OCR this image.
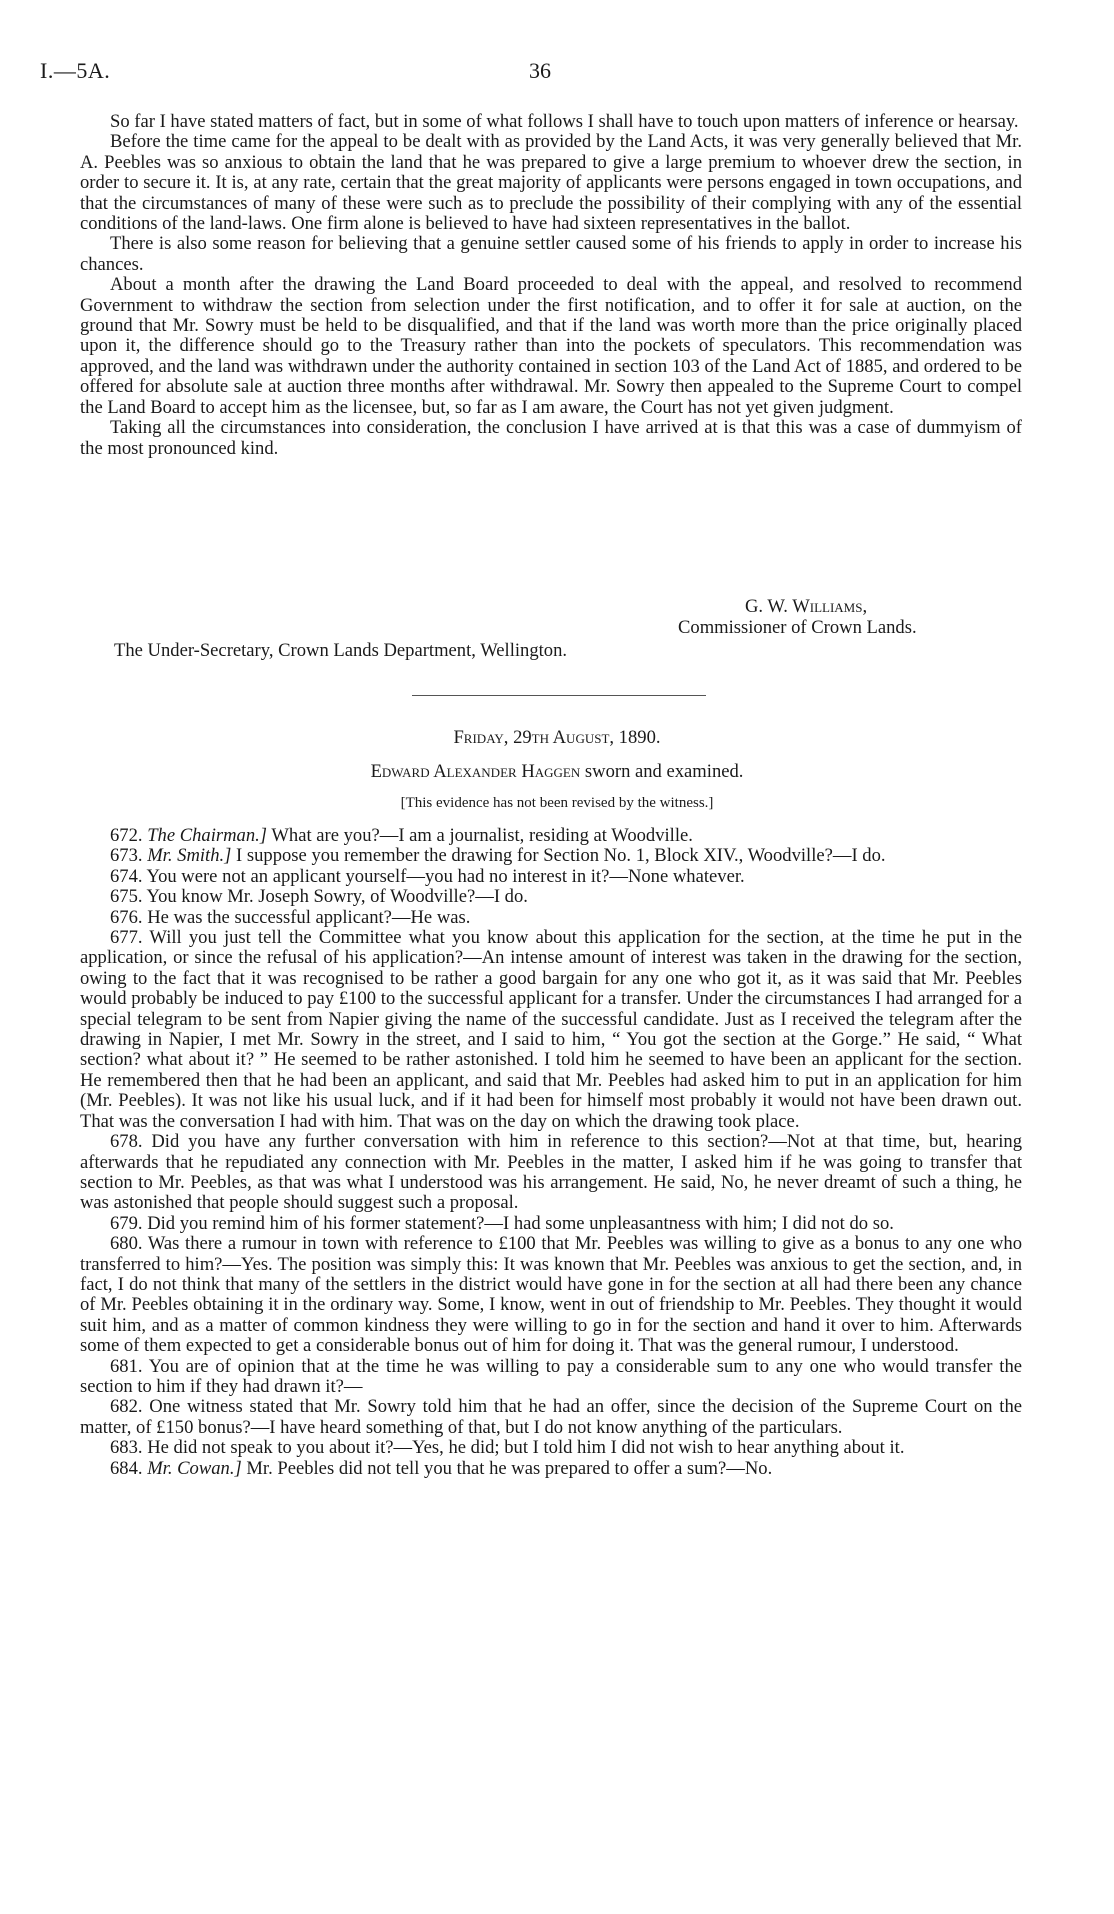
I.—5A.	36

So far I have stated matters of fact, but in some of what follows I shall have to touch upon matters of inference or hearsay.

Before the time came for the appeal to be dealt with as provided by the Land Acts, it was very generally believed that Mr. A. Peebles was so anxious to obtain the land that he was prepared to give a large premium to whoever drew the section, in order to secure it. It is, at any rate, certain that the great majority of applicants were persons engaged in town occupations, and that the circumstances of many of these were such as to preclude the possibility of their complying with any of the essential conditions of the land-laws. One firm alone is believed to have had sixteen representatives in the ballot.

There is also some reason for believing that a genuine settler caused some of his friends to apply in order to increase his chances.

About a month after the drawing the Land Board proceeded to deal with the appeal, and resolved to recommend Government to withdraw the section from selection under the first notification, and to offer it for sale at auction, on the ground that Mr. Sowry must be held to be disqualified, and that if the land was worth more than the price originally placed upon it, the difference should go to the Treasury rather than into the pockets of speculators. This recommendation was approved, and the land was withdrawn under the authority contained in section 103 of the Land Act of 1885, and ordered to be offered for absolute sale at auction three months after withdrawal. Mr. Sowry then appealed to the Supreme Court to compel the Land Board to accept him as the licensee, but, so far as I am aware, the Court has not yet given judgment.

Taking all the circumstances into consideration, the conclusion I have arrived at is that this was a case of dummyism of the most pronounced kind.

G. W. Williams,
Commissioner of Crown Lands.
The Under-Secretary, Crown Lands Department, Wellington.
Friday, 29th August, 1890.
Edward Alexander Haggen sworn and examined.
[This evidence has not been revised by the witness.]

672. The Chairman.] What are you?—I am a journalist, residing at Woodville.

673. Mr. Smith.] I suppose you remember the drawing for Section No. 1, Block XIV., Woodville?—I do.

674. You were not an applicant yourself—you had no interest in it?—None whatever.

675. You know Mr. Joseph Sowry, of Woodville?—I do.

676. He was the successful applicant?—He was.

677. Will you just tell the Committee what you know about this application for the section, at the time he put in the application, or since the refusal of his application?—An intense amount of interest was taken in the drawing for the section, owing to the fact that it was recognised to be rather a good bargain for any one who got it, as it was said that Mr. Peebles would probably be induced to pay £100 to the successful applicant for a transfer. Under the circumstances I had arranged for a special telegram to be sent from Napier giving the name of the successful candidate. Just as I received the telegram after the drawing in Napier, I met Mr. Sowry in the street, and I said to him, “ You got the section at the Gorge.” He said, “ What section? what about it? ” He seemed to be rather astonished. I told him he seemed to have been an applicant for the section. He remembered then that he had been an applicant, and said that Mr. Peebles had asked him to put in an application for him (Mr. Peebles). It was not like his usual luck, and if it had been for himself most probably it would not have been drawn out. That was the conversation I had with him. That was on the day on which the drawing took place.

678. Did you have any further conversation with him in reference to this section?—Not at that time, but, hearing afterwards that he repudiated any connection with Mr. Peebles in the matter, I asked him if he was going to transfer that section to Mr. Peebles, as that was what I understood was his arrangement. He said, No, he never dreamt of such a thing, he was astonished that people should suggest such a proposal.

679. Did you remind him of his former statement?—I had some unpleasantness with him; I did not do so.

680. Was there a rumour in town with reference to £100 that Mr. Peebles was willing to give as a bonus to any one who transferred to him?—Yes. The position was simply this: It was known that Mr. Peebles was anxious to get the section, and, in fact, I do not think that many of the settlers in the district would have gone in for the section at all had there been any chance of Mr. Peebles obtaining it in the ordinary way. Some, I know, went in out of friendship to Mr. Peebles. They thought it would suit him, and as a matter of common kindness they were willing to go in for the section and hand it over to him. Afterwards some of them expected to get a considerable bonus out of him for doing it. That was the general rumour, I understood.

681. You are of opinion that at the time he was willing to pay a considerable sum to any one who would transfer the section to him if they had drawn it?—

682. One witness stated that Mr. Sowry told him that he had an offer, since the decision of the Supreme Court on the matter, of £150 bonus?—I have heard something of that, but I do not know anything of the particulars.

683. He did not speak to you about it?—Yes, he did; but I told him I did not wish to hear anything about it.

684. Mr. Cowan.] Mr. Peebles did not tell you that he was prepared to offer a sum?—No.
